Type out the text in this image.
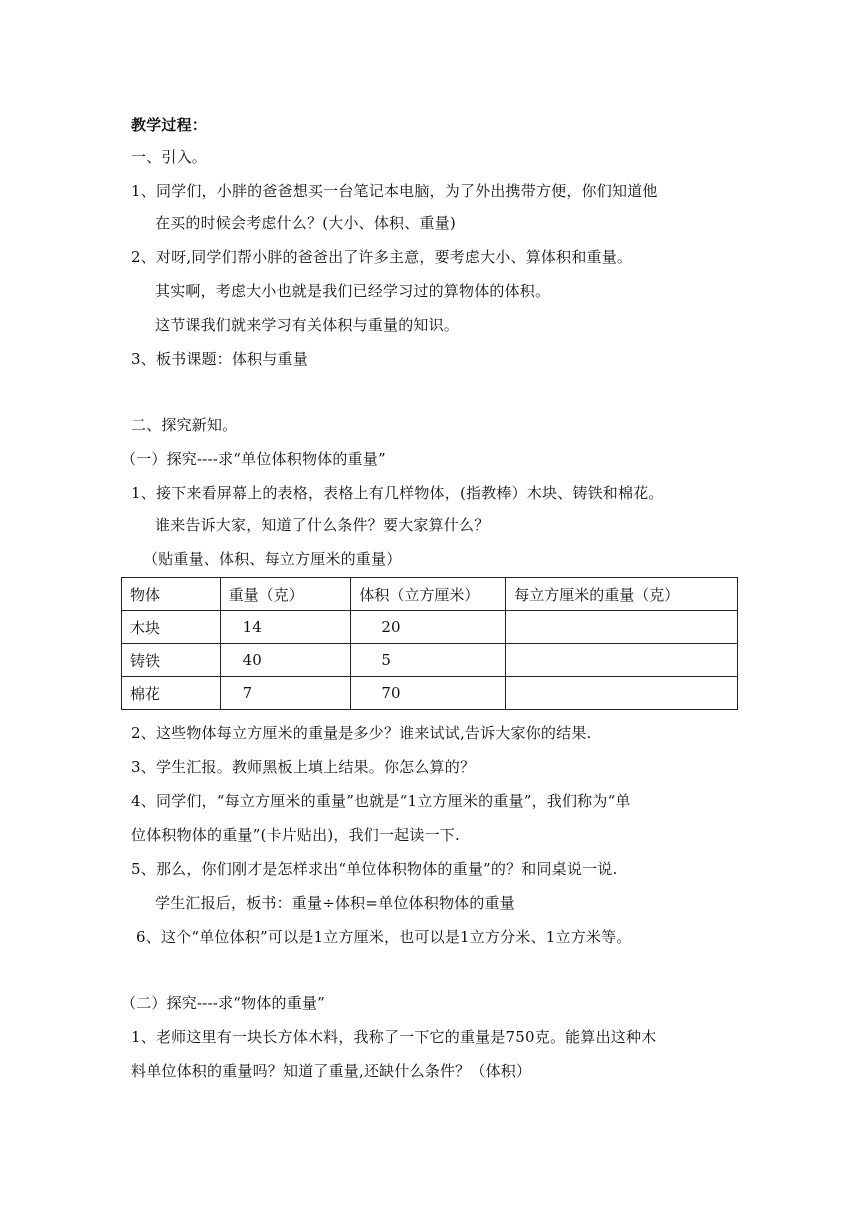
教学过程：
一、引入。
1、同学们，小胖的爸爸想买一台笔记本电脑，为了外出携带方便，你们知道他
在买的时候会考虑什么？(大小、体积、重量)
2、对呀,同学们帮小胖的爸爸出了许多主意，要考虑大小、算体积和重量。
其实啊，考虑大小也就是我们已经学习过的算物体的体积。
这节课我们就来学习有关体积与重量的知识。
3、板书课题：体积与重量
二、探究新知。
（一）探究----求“单位体积物体的重量”
1、接下来看屏幕上的表格，表格上有几样物体，(指教棒）木块、铸铁和棉花。
谁来告诉大家，知道了什么条件？要大家算什么？
（贴重量、体积、每立方厘米的重量）
物体	重量（克）	体积（立方厘米）	每立方厘米的重量（克）
木块	14	20	
铸铁	40	5	
棉花	7	70	
2、这些物体每立方厘米的重量是多少？谁来试试,告诉大家你的结果.
3、学生汇报。教师黑板上填上结果。你怎么算的？
4、同学们，“每立方厘米的重量”也就是“1立方厘米的重量”，我们称为“单
位体积物体的重量”(卡片贴出)，我们一起读一下.
5、那么，你们刚才是怎样求出“单位体积物体的重量”的？和同桌说一说.
学生汇报后，板书：重量÷体积=单位体积物体的重量
6、这个“单位体积”可以是1立方厘米，也可以是1立方分米、1立方米等。
（二）探究----求“物体的重量”
1、老师这里有一块长方体木料，我称了一下它的重量是750克。能算出这种木
料单位体积的重量吗？知道了重量,还缺什么条件？（体积）
